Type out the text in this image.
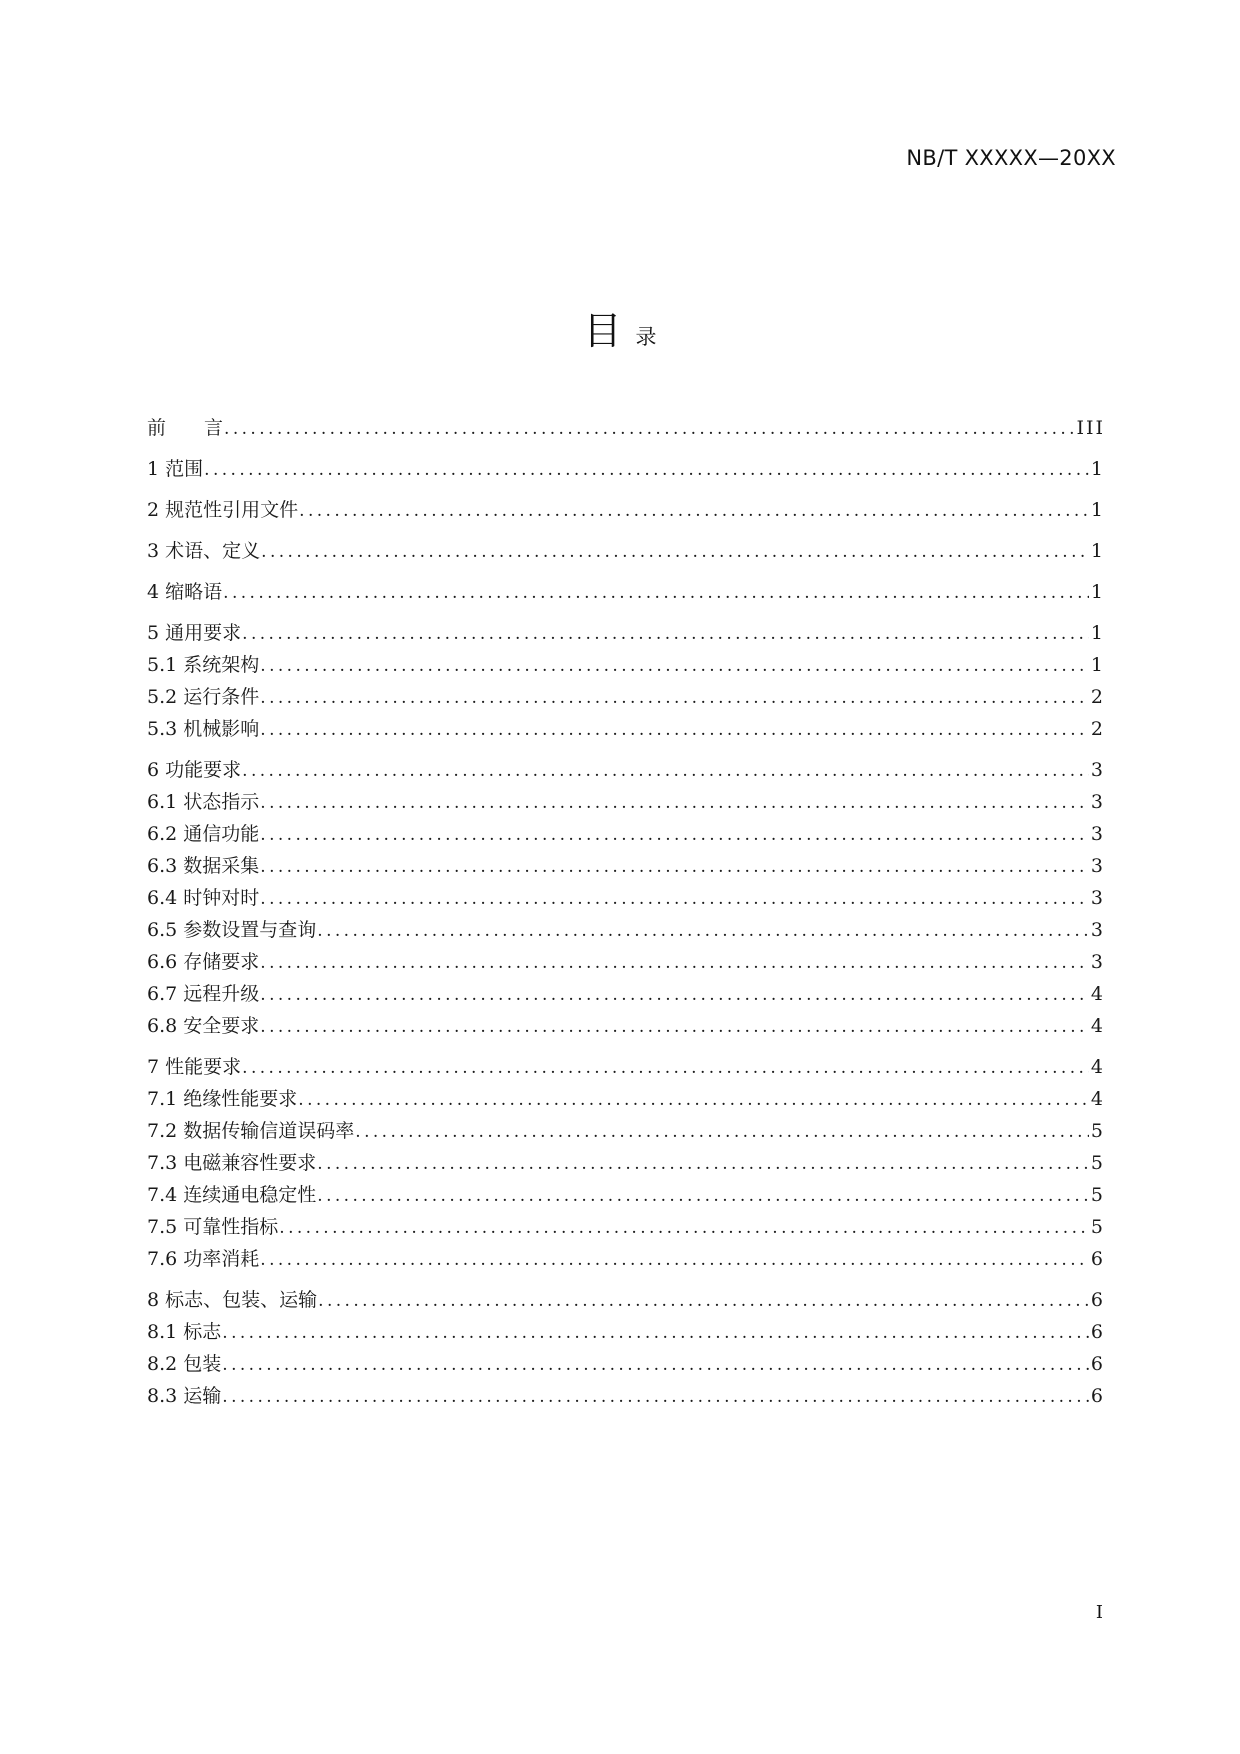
NB/T XXXXX—20XX
目录
前　　言 .....	III
1 范围 .....	1
2 规范性引用文件 .....	1
3 术语、定义 .....	1
4 缩略语 .....	1
5 通用要求 .....	1
5.1 系统架构 .....	1
5.2 运行条件 .....	2
5.3 机械影响 .....	2
6 功能要求 .....	3
6.1 状态指示 .....	3
6.2 通信功能 .....	3
6.3 数据采集 .....	3
6.4 时钟对时 .....	3
6.5 参数设置与查询 .....	3
6.6 存储要求 .....	3
6.7 远程升级 .....	4
6.8 安全要求 .....	4
7 性能要求 .....	4
7.1 绝缘性能要求 .....	4
7.2 数据传输信道误码率 .....	5
7.3 电磁兼容性要求 .....	5
7.4 连续通电稳定性 .....	5
7.5 可靠性指标 .....	5
7.6 功率消耗 .....	6
8 标志、包装、运输 .....	6
8.1 标志 .....	6
8.2 包装 .....	6
8.3 运输 .....	6
I
